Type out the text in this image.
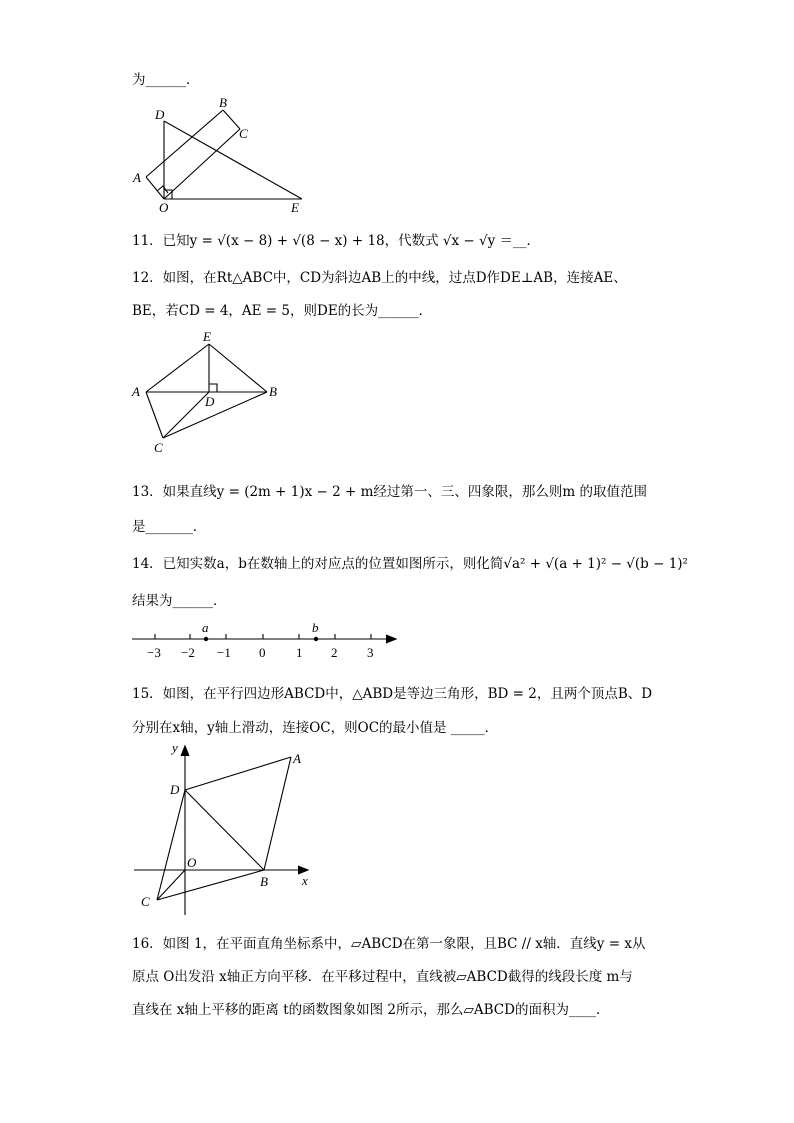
为______．
D
B
C
A
O	E
11．已知y = √(x − 8) + √(8 − x) + 18，代数式 √x − √y ＝__．
12．如图，在Rt△ABC中，CD为斜边AB上的中线，过点D作DE⊥AB，连接AE、
BE，若CD = 4，AE = 5，则DE的长为______．
E
A
D
B
C
13．如果直线y = (2m + 1)x − 2 + m经过第一、三、四象限，那么则m 的取值范围
是_______．
14．已知实数a，b在数轴上的对应点的位置如图所示，则化简√a² + √(a + 1)² − √(b − 1)²
结果为______．
a	b
−3 −2 −1 0 1 2 3
15．如图，在平行四边形ABCD中，△ABD是等边三角形，BD = 2，且两个顶点B、D
分别在x轴，y轴上滑动，连接OC，则OC的最小值是 _____．
y
A
D
O
B	x
C
16．如图 1，在平面直角坐标系中，▱ABCD在第一象限，且BC // x轴．直线y = x从
原点 O出发沿 x轴正方向平移．在平移过程中，直线被▱ABCD截得的线段长度 m与
直线在 x轴上平移的距离 t的函数图象如图 2所示，那么▱ABCD的面积为____．
